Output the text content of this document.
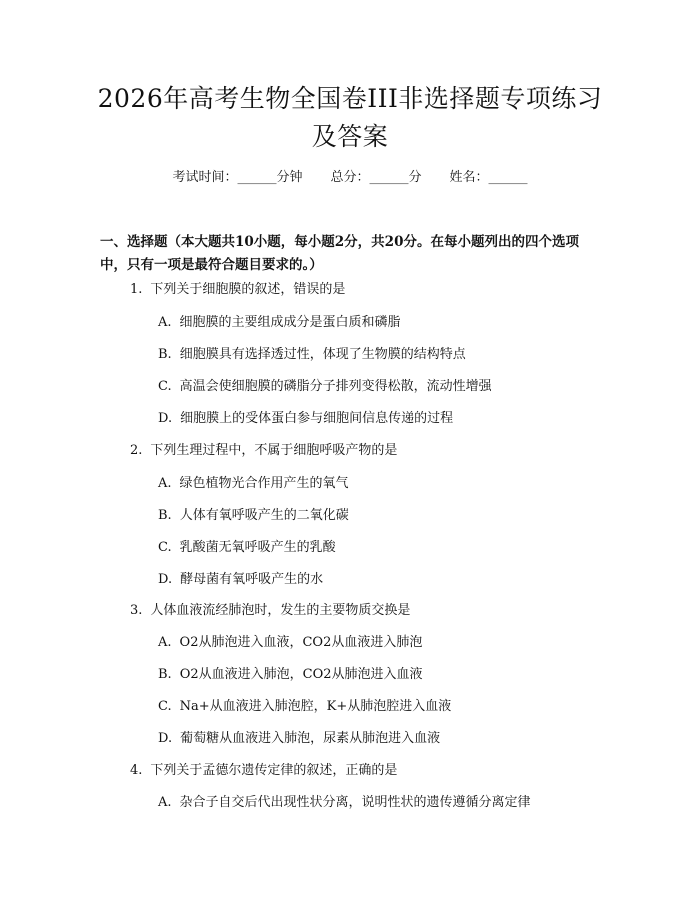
2026年高考生物全国卷III非选择题专项练习及答案
考试时间：______分钟 总分：______分 姓名：______

一、选择题（本大题共10小题，每小题2分，共20分。在每小题列出的四个选项中，只有一项是最符合题目要求的。）

1. 下列关于细胞膜的叙述，错误的是
A. 细胞膜的主要组成成分是蛋白质和磷脂
B. 细胞膜具有选择透过性，体现了生物膜的结构特点
C. 高温会使细胞膜的磷脂分子排列变得松散，流动性增强
D. 细胞膜上的受体蛋白参与细胞间信息传递的过程
2. 下列生理过程中，不属于细胞呼吸产物的是
A. 绿色植物光合作用产生的氧气
B. 人体有氧呼吸产生的二氧化碳
C. 乳酸菌无氧呼吸产生的乳酸
D. 酵母菌有氧呼吸产生的水
3. 人体血液流经肺泡时，发生的主要物质交换是
A. O2从肺泡进入血液，CO2从血液进入肺泡
B. O2从血液进入肺泡，CO2从肺泡进入血液
C. Na+从血液进入肺泡腔，K+从肺泡腔进入血液
D. 葡萄糖从血液进入肺泡，尿素从肺泡进入血液
4. 下列关于孟德尔遗传定律的叙述，正确的是
A. 杂合子自交后代出现性状分离，说明性状的遗传遵循分离定律
